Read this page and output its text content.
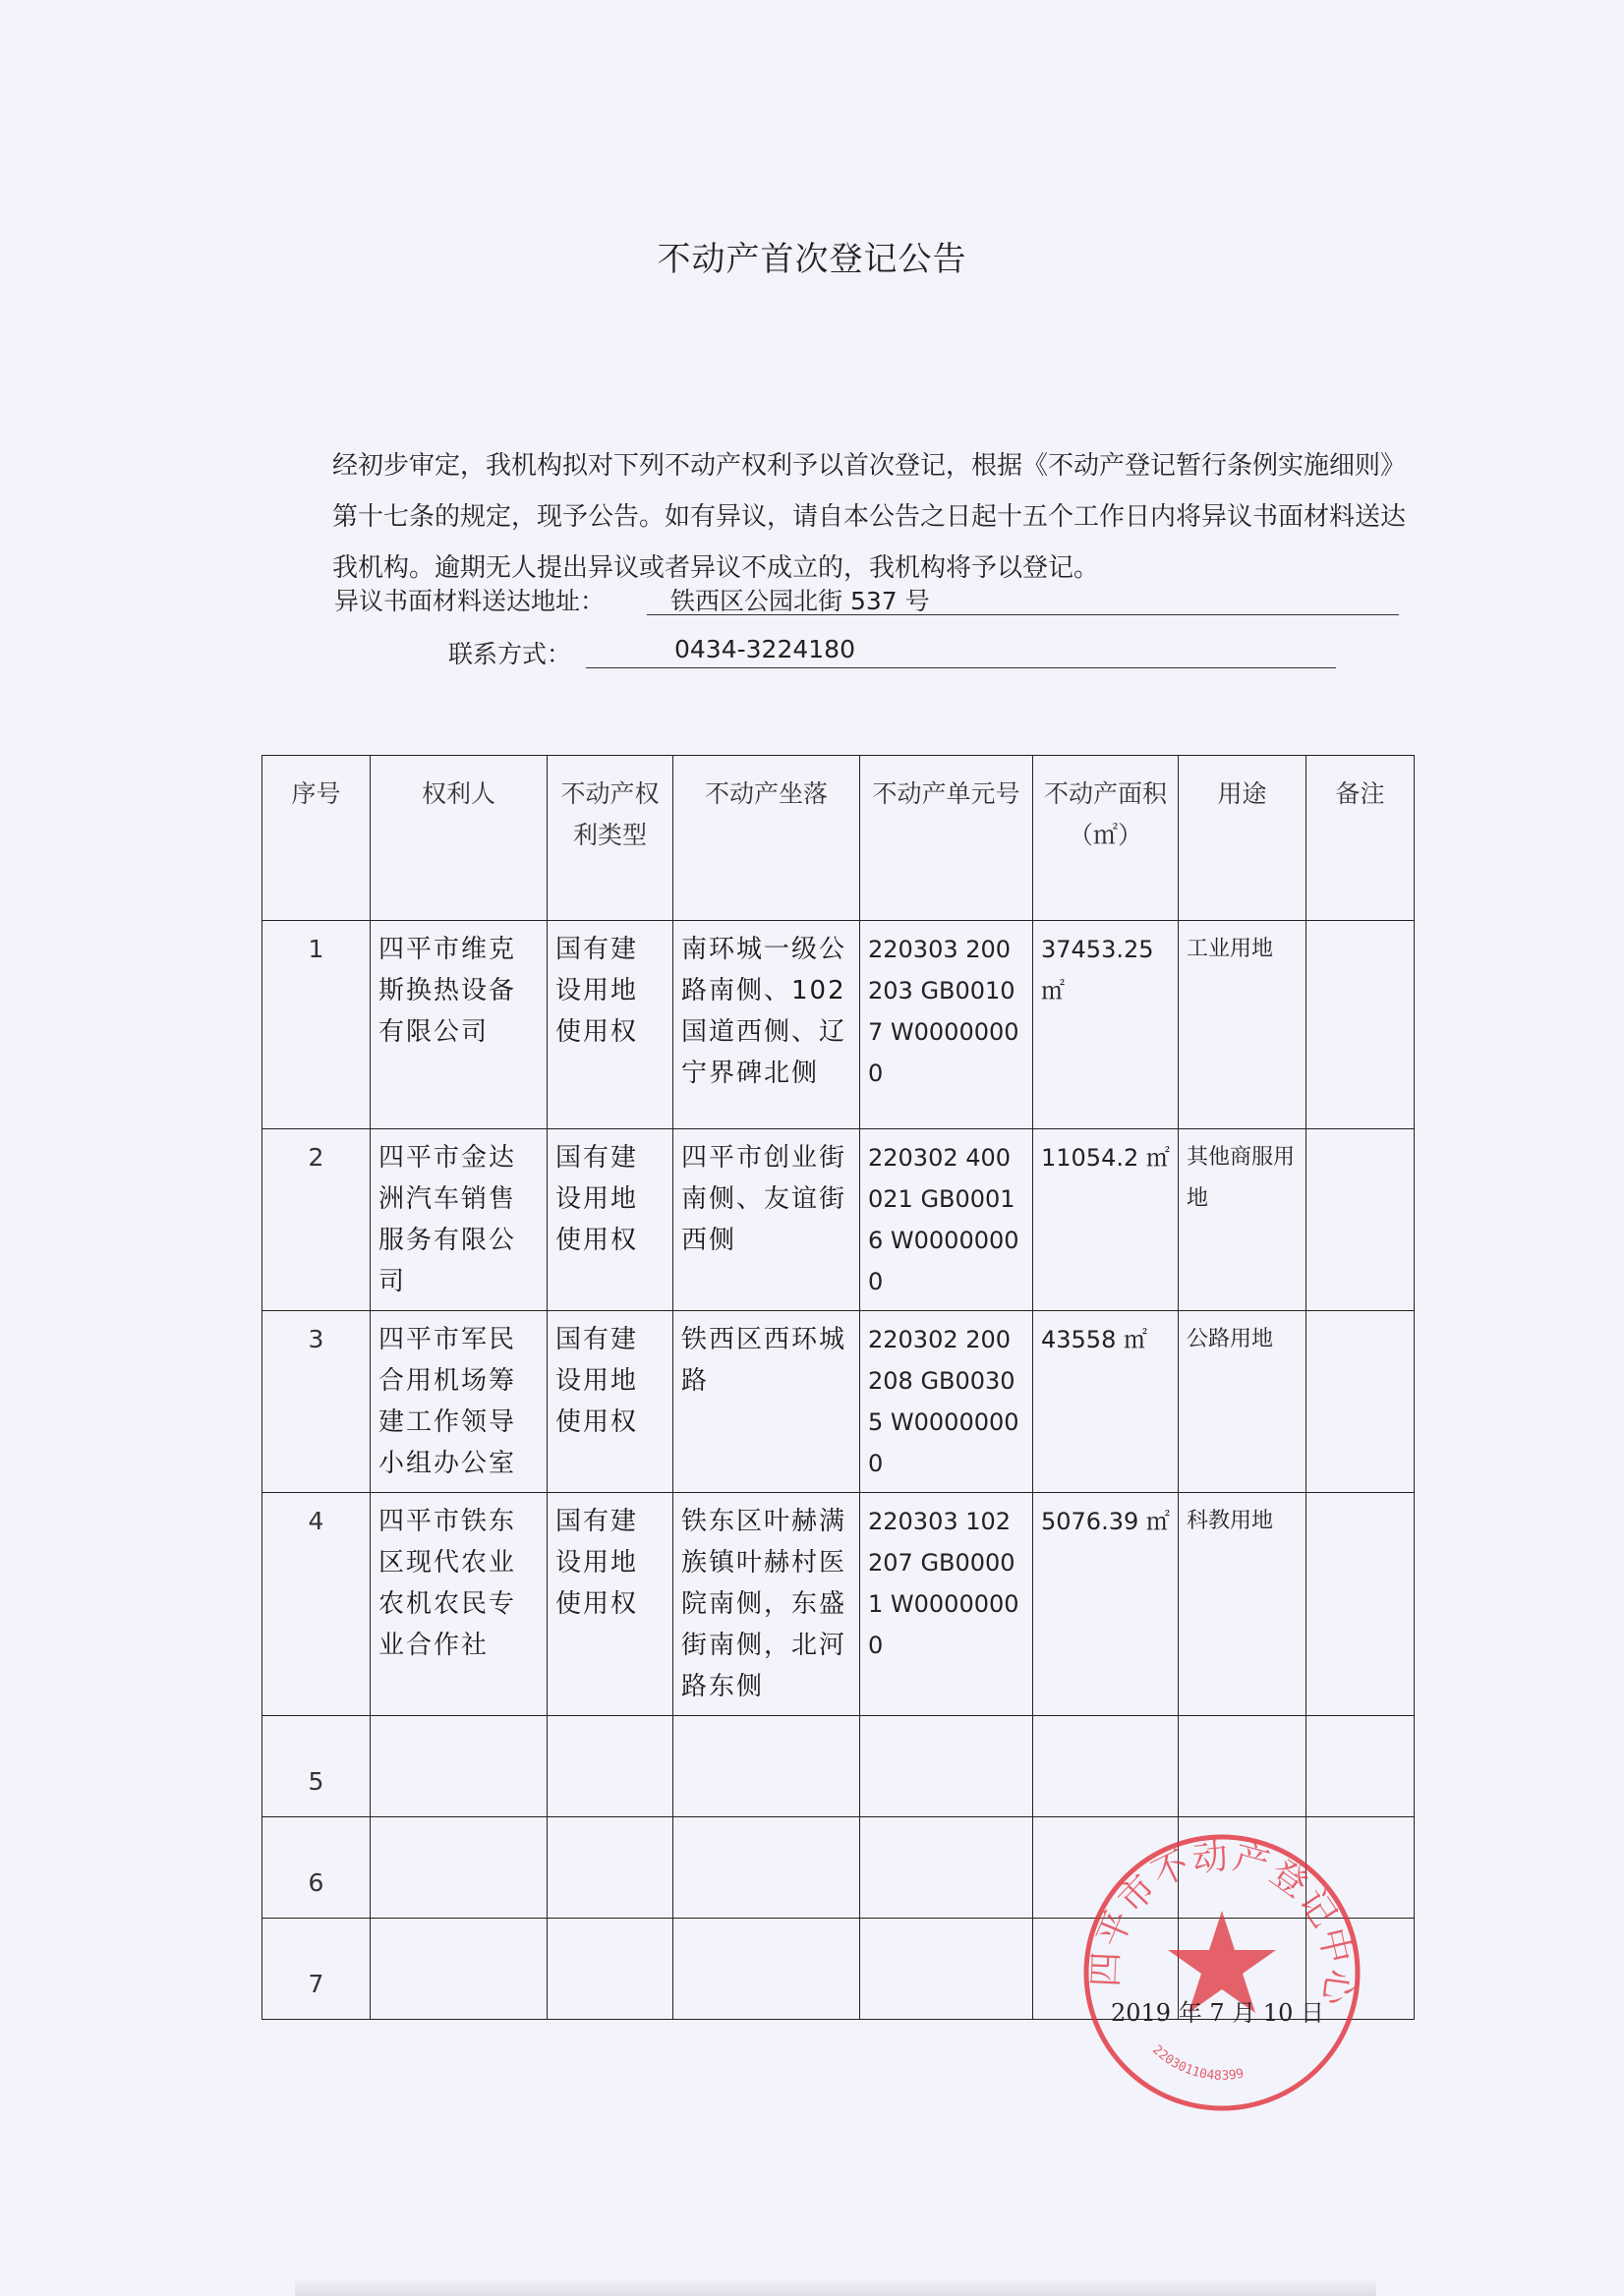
不动产首次登记公告
经初步审定，我机构拟对下列不动产权利予以首次登记，根据《不动产登记暂行条例实施细则》第十七条的规定，现予公告。如有异议，请自本公告之日起十五个工作日内将异议书面材料送达我机构。逾期无人提出异议或者异议不成立的，我机构将予以登记。
异议书面材料送达地址：	铁西区公园北街 537 号
联系方式：	0434-3224180
序号	权利人	不动产权 利类型	不动产坐落	不动产单元号	不动产面积（㎡）	用途	备注
1	四平市维克斯换热设备有限公司	国有建设用地使用权	南环城一级公路南侧、102 国道西侧、辽宁界碑北侧	220303 200203 GB00107 W00000000	37453.25 ㎡	工业用地	
2	四平市金达洲汽车销售服务有限公司	国有建设用地使用权	四平市创业街南侧、友谊街西侧	220302 400021 GB00016 W00000000	11054.2 ㎡	其他商服用地	
3	四平市军民合用机场筹建工作领导小组办公室	国有建设用地使用权	铁西区西环城路	220302 200208 GB00305 W00000000	43558 ㎡	公路用地	
4	四平市铁东区现代农业农机农民专业合作社	国有建设用地使用权	铁东区叶赫满族镇叶赫村医院南侧，东盛街南侧，北河路东侧	220303 102207 GB00001 W00000000	5076.39 ㎡	科教用地	
5							
6							
7								四平市不动产登记中心
2203011048399
2019 年 7 月 10 日
